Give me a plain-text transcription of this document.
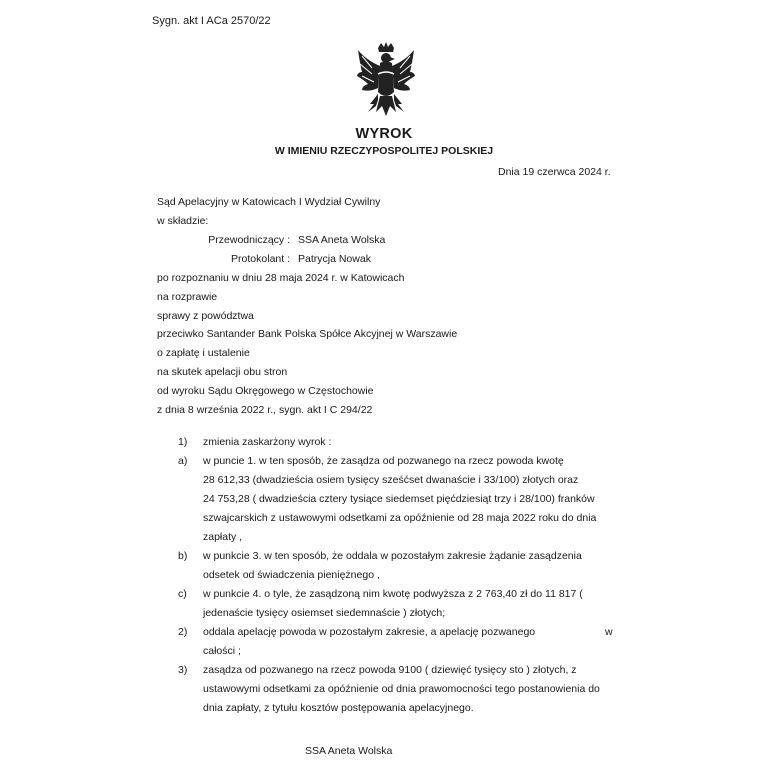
Sygn. akt I ACa 2570/22
WYROK
W IMIENIU RZECZYPOSPOLITEJ POLSKIEJ
Dnia 19 czerwca 2024 r.
Sąd Apelacyjny w Katowicach I Wydział Cywilny
w składzie:
Przewodniczący : SSA Aneta Wolska
Protokolant : Patrycja Nowak
po rozpoznaniu w dniu 28 maja 2024 r. w Katowicach
na rozprawie
sprawy z powództwa
przeciwko Santander Bank Polska Spółce Akcyjnej w Warszawie
o zapłatę i ustalenie
na skutek apelacji obu stron
od wyroku Sądu Okręgowego w Częstochowie
z dnia 8 września 2022 r., sygn. akt I C 294/22
1) zmienia zaskarżony wyrok :
a) w puncie 1. w ten sposób, że zasądza od pozwanego na rzecz powoda kwotę
28 612,33 (dwadzieścia osiem tysięcy sześćset dwanaście i 33/100) złotych oraz
24 753,28 ( dwadzieścia cztery tysiące siedemset pięćdziesiąt trzy i 28/100) franków
szwajcarskich z ustawowymi odsetkami za opóźnienie od 28 maja 2022 roku do dnia
zapłaty ,
b) w punkcie 3. w ten sposób, że oddala w pozostałym zakresie żądanie zasądzenia
odsetek od świadczenia pieniężnego ,
c) w punkcie 4. o tyle, że zasądzoną nim kwotę podwyższa z 2 763,40 zł do 11 817 (
jedenaście tysięcy osiemset siedemnaście ) złotych;
2) oddala apelację powoda w pozostałym zakresie, a apelację pozwanego	w
całości ;
3) zasądza od pozwanego na rzecz powoda 9100 ( dziewięć tysięcy sto ) złotych, z
ustawowymi odsetkami za opóźnienie od dnia prawomocności tego postanowienia do
dnia zapłaty, z tytułu kosztów postępowania apelacyjnego.
SSA Aneta Wolska
